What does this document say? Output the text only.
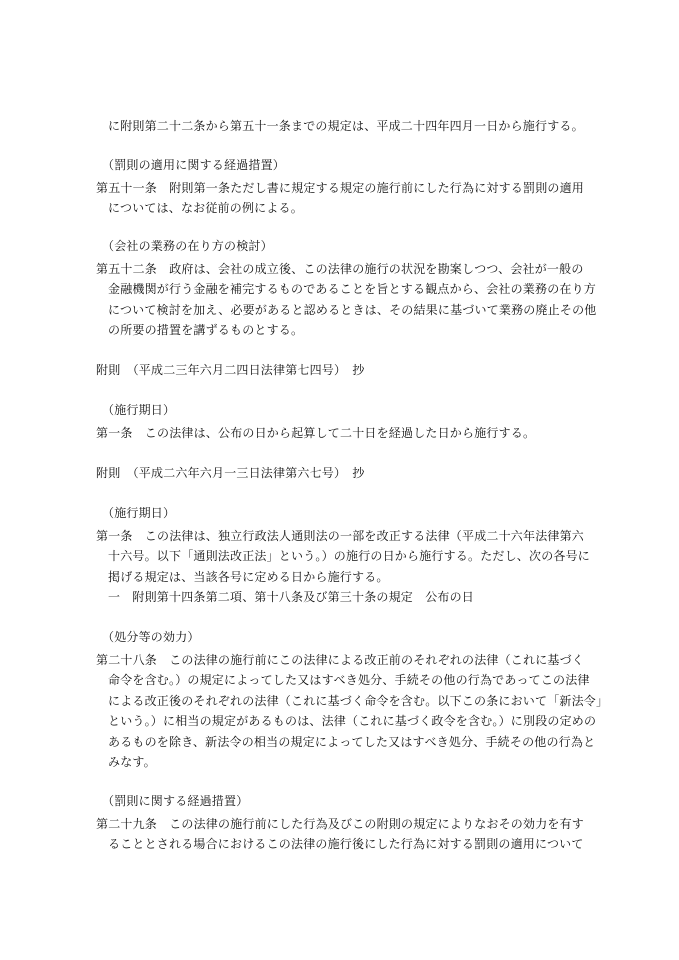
に附則第二十二条から第五十一条までの規定は、平成二十四年四月一日から施行する。
（罰則の適用に関する経過措置）
第五十一条　附則第一条ただし書に規定する規定の施行前にした行為に対する罰則の適用
については、なお従前の例による。
（会社の業務の在り方の検討）
第五十二条　政府は、会社の成立後、この法律の施行の状況を勘案しつつ、会社が一般の
金融機関が行う金融を補完するものであることを旨とする観点から、会社の業務の在り方
について検討を加え、必要があると認めるときは、その結果に基づいて業務の廃止その他
の所要の措置を講ずるものとする。
附則　（平成二三年六月二四日法律第七四号）　抄
（施行期日）
第一条　この法律は、公布の日から起算して二十日を経過した日から施行する。
附則　（平成二六年六月一三日法律第六七号）　抄
（施行期日）
第一条　この法律は、独立行政法人通則法の一部を改正する法律（平成二十六年法律第六
十六号。以下「通則法改正法」という。）の施行の日から施行する。ただし、次の各号に
掲げる規定は、当該各号に定める日から施行する。
一　附則第十四条第二項、第十八条及び第三十条の規定　公布の日
（処分等の効力）
第二十八条　この法律の施行前にこの法律による改正前のそれぞれの法律（これに基づく
命令を含む。）の規定によってした又はすべき処分、手続その他の行為であってこの法律
による改正後のそれぞれの法律（これに基づく命令を含む。以下この条において「新法令」
という。）に相当の規定があるものは、法律（これに基づく政令を含む。）に別段の定めの
あるものを除き、新法令の相当の規定によってした又はすべき処分、手続その他の行為と
みなす。
（罰則に関する経過措置）
第二十九条　この法律の施行前にした行為及びこの附則の規定によりなおその効力を有す
ることとされる場合におけるこの法律の施行後にした行為に対する罰則の適用について
